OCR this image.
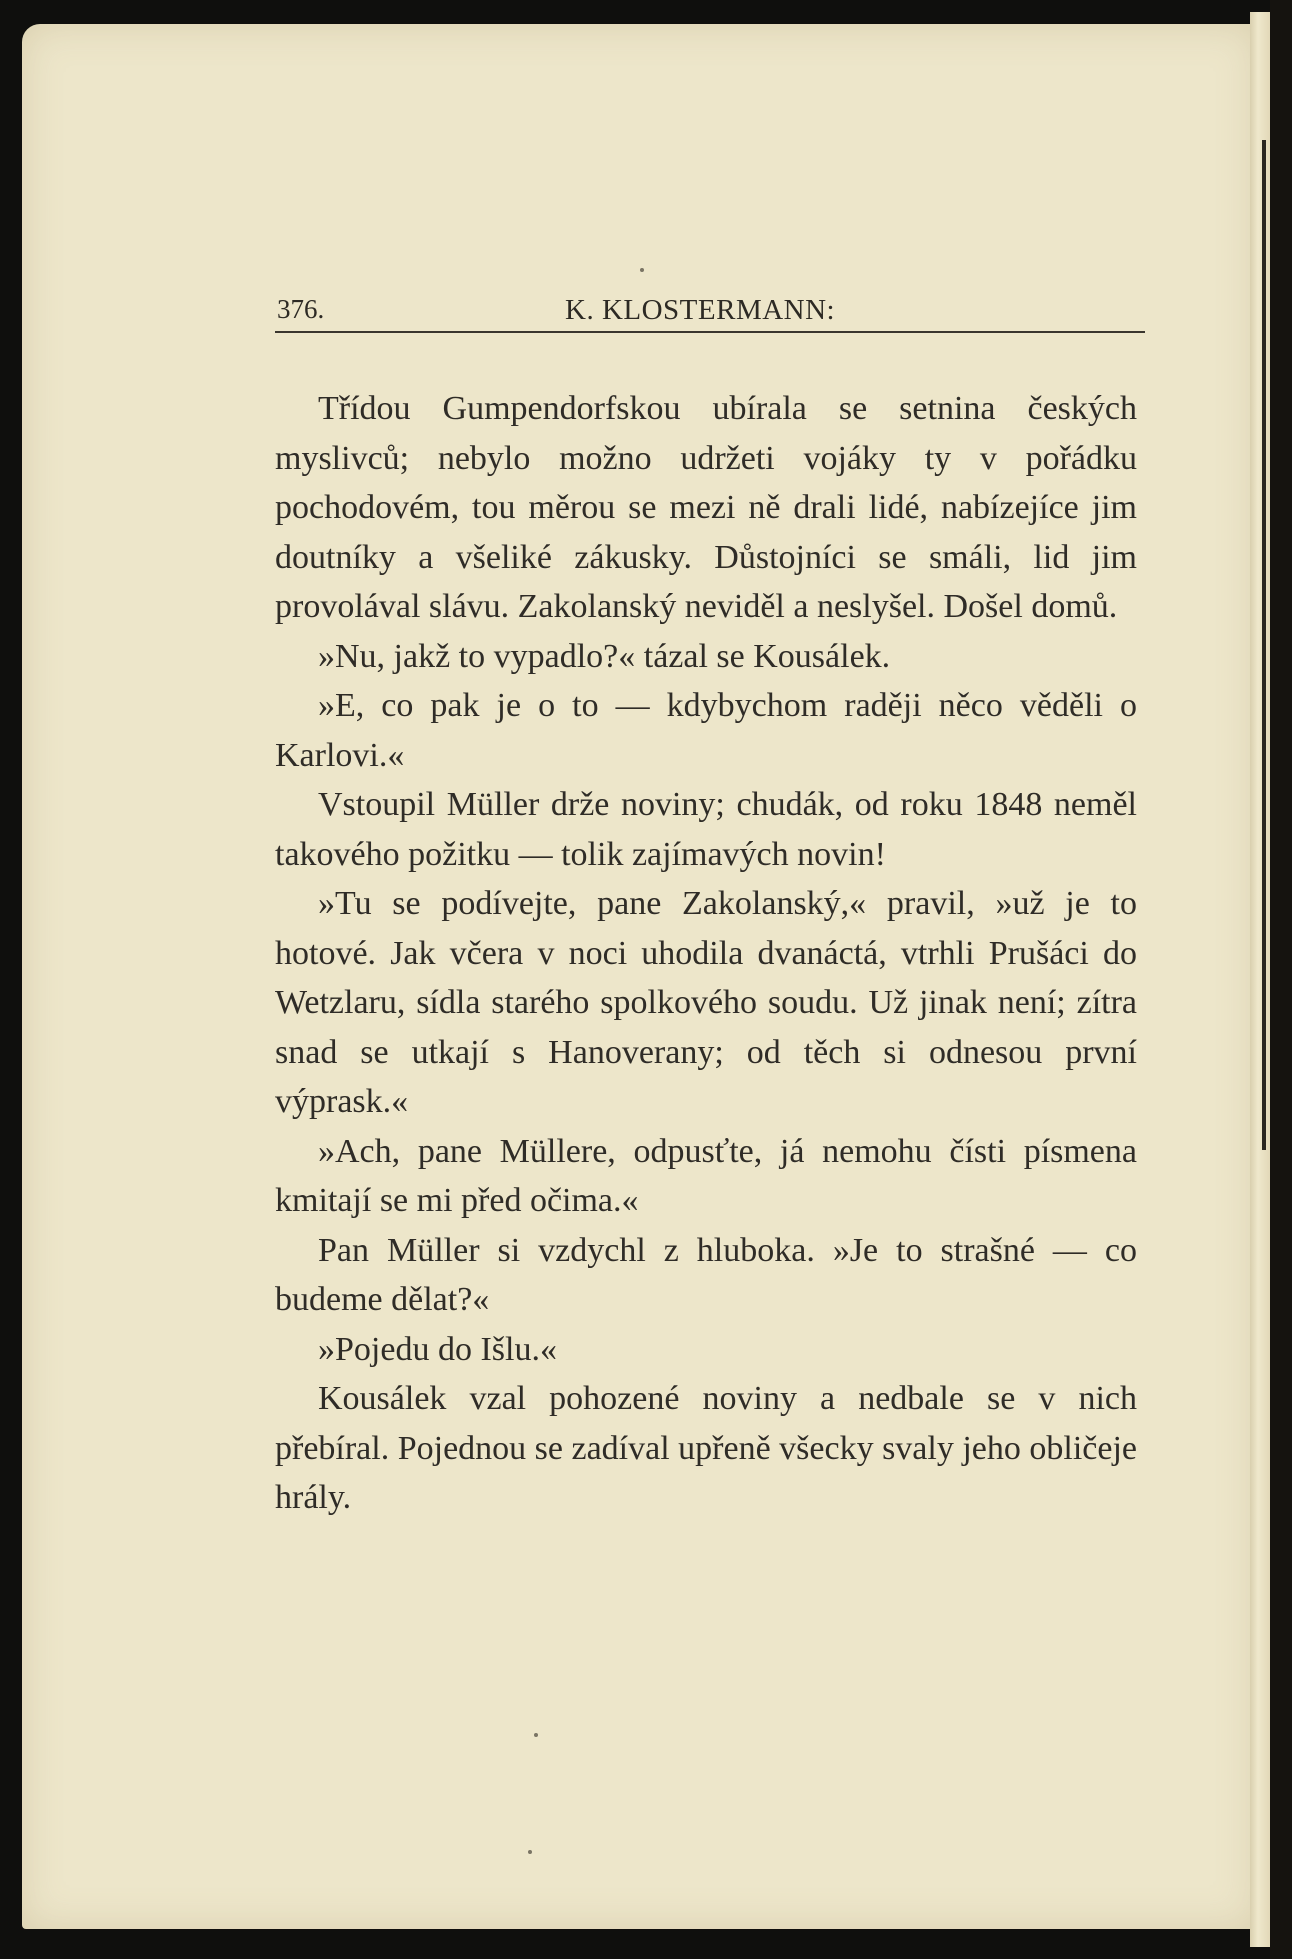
376.	K. KLOSTERMANN:

Třídou Gumpendorfskou ubírala se setnina českých myslivců; nebylo možno udržeti vojáky ty v pořádku pochodovém, tou měrou se mezi ně drali lidé, nabízejíce jim doutníky a všeliké zákusky. Důstojníci se smáli, lid jim provolával slávu. Zakolanský neviděl a neslyšel. Došel domů.

»Nu, jakž to vypadlo?« tázal se Kousálek.

»E, co pak je o to — kdybychom raději něco věděli o Karlovi.«

Vstoupil Müller drže noviny; chudák, od roku 1848 neměl takového požitku — tolik zajímavých novin!

»Tu se podívejte, pane Zakolanský,« pravil, »už je to hotové. Jak včera v noci uhodila dvanáctá, vtrhli Prušáci do Wetzlaru, sídla starého spolkového soudu. Už jinak není; zítra snad se utkají s Hanoverany; od těch si odnesou první výprask.«

»Ach, pane Müllere, odpusťte, já nemohu čísti písmena kmitají se mi před očima.«

Pan Müller si vzdychl z hluboka. »Je to strašné — co budeme dělat?«

»Pojedu do Išlu.«

Kousálek vzal pohozené noviny a nedbale se v nich přebíral. Pojednou se zadíval upřeně všecky svaly jeho obličeje hrály.
